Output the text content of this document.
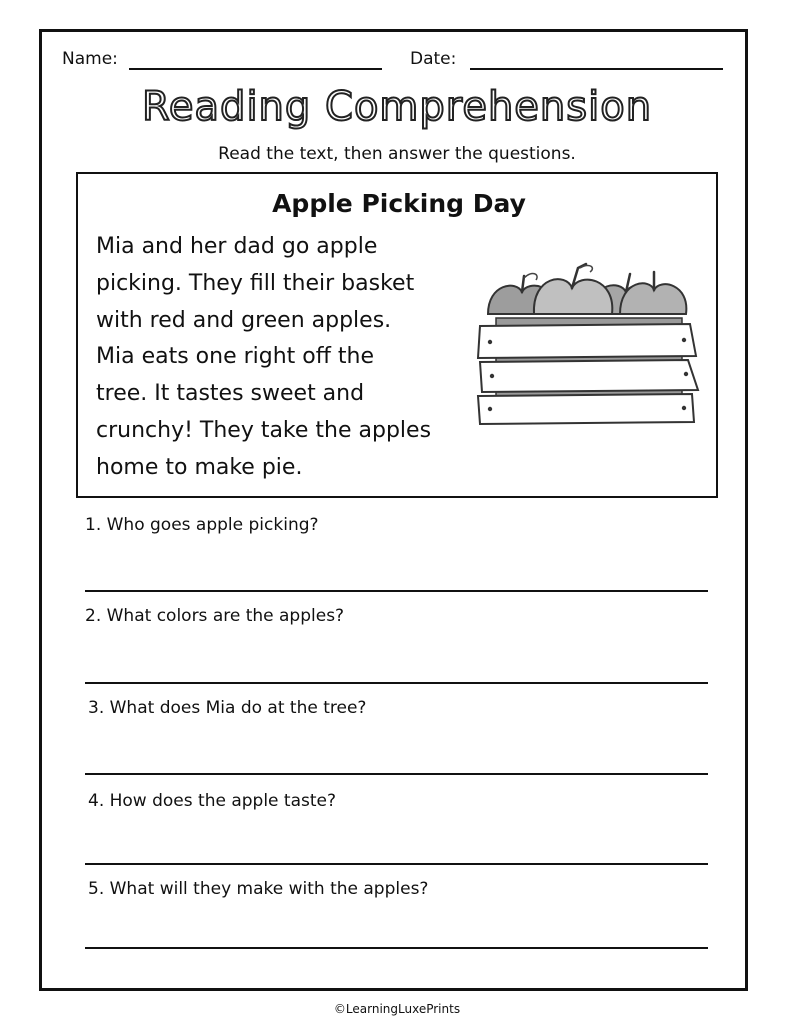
Name:	Date:
Reading Comprehension
Read the text, then answer the questions.
Apple Picking Day
Mia and her dad go apple
picking. They fill their basket
with red and green apples.
Mia eats one right off the
tree. It tastes sweet and
crunchy! They take the apples
home to make pie.
1. Who goes apple picking?
2. What colors are the apples?
3. What does Mia do at the tree?
4. How does the apple taste?
5. What will they make with the apples?
©LearningLuxePrints
